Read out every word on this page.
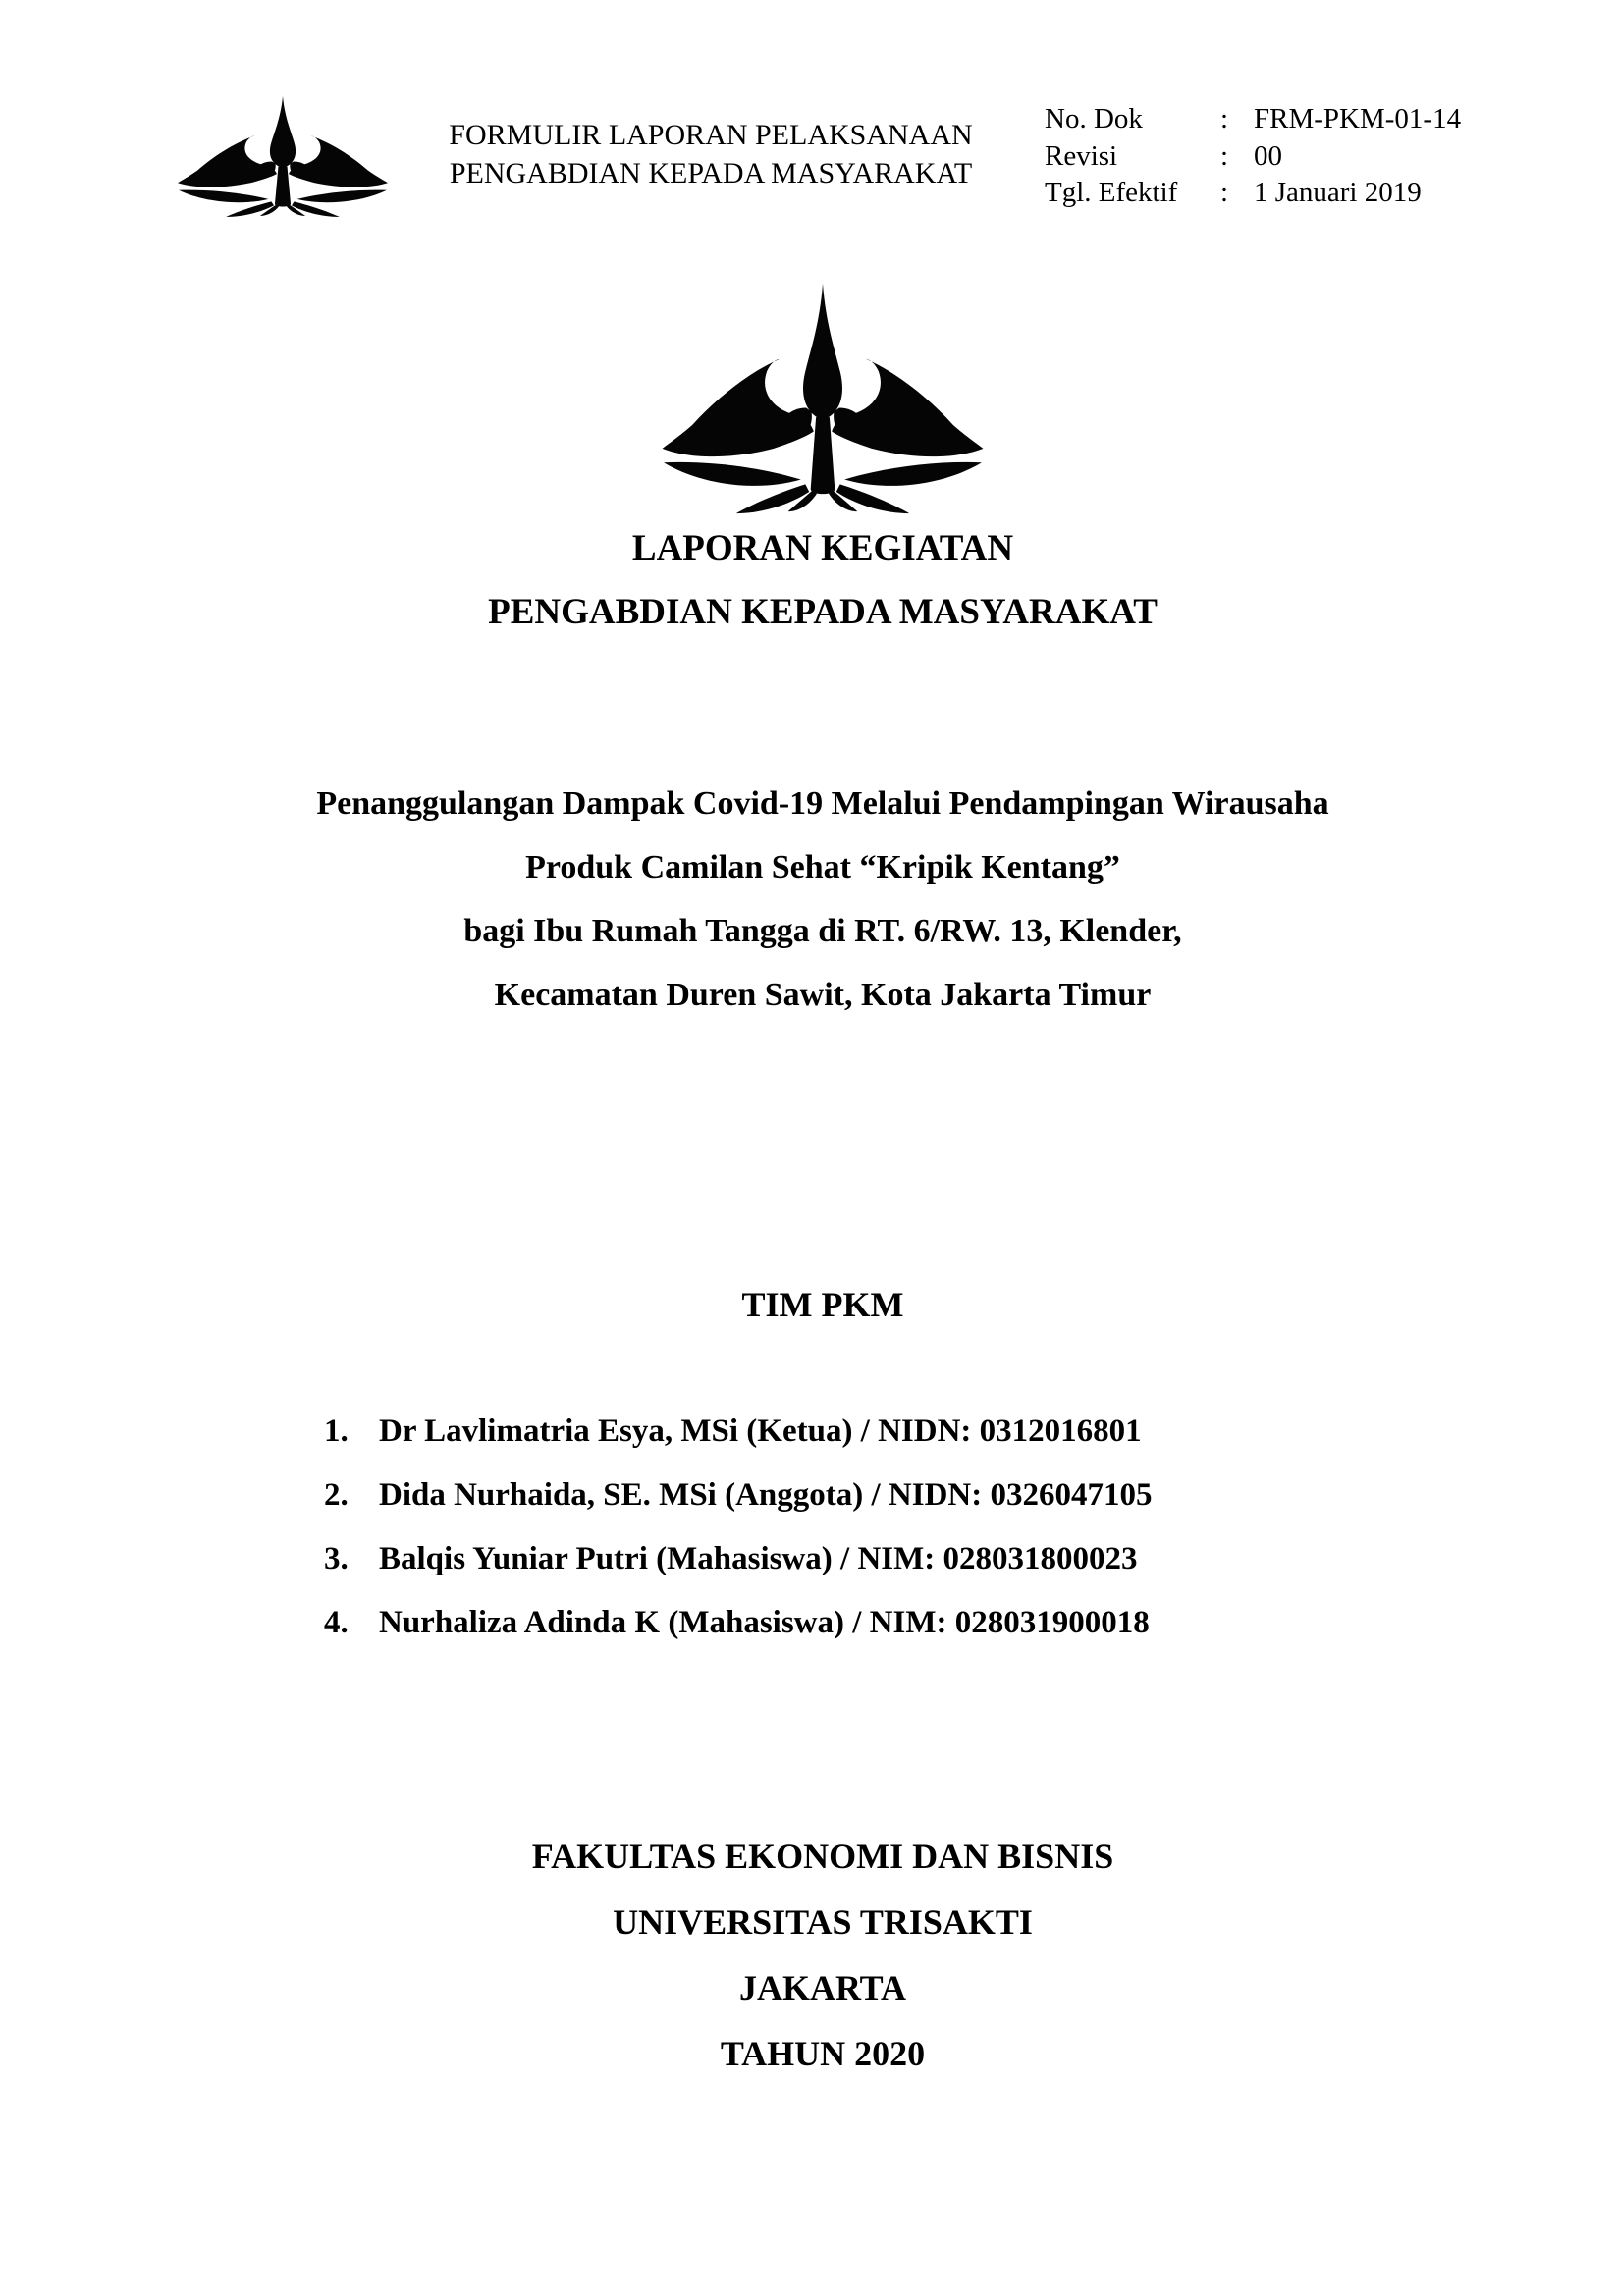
FORMULIR LAPORAN PELAKSANAAN
PENGABDIAN KEPADA MASYARAKAT
No. Dok	: FRM-PKM-01-14
Revisi	: 00
Tgl. Efektif	: 1 Januari 2019
LAPORAN KEGIATAN
PENGABDIAN KEPADA MASYARAKAT
Penanggulangan Dampak Covid-19 Melalui Pendampingan Wirausaha
Produk Camilan Sehat “Kripik Kentang”
bagi Ibu Rumah Tangga di RT. 6/RW. 13, Klender,
Kecamatan Duren Sawit, Kota Jakarta Timur
TIM PKM
1. Dr Lavlimatria Esya, MSi (Ketua) / NIDN: 0312016801
2. Dida Nurhaida, SE. MSi (Anggota) / NIDN: 0326047105
3. Balqis Yuniar Putri (Mahasiswa) / NIM: 028031800023
4. Nurhaliza Adinda K (Mahasiswa) / NIM: 028031900018
FAKULTAS EKONOMI DAN BISNIS
UNIVERSITAS TRISAKTI
JAKARTA
TAHUN 2020
